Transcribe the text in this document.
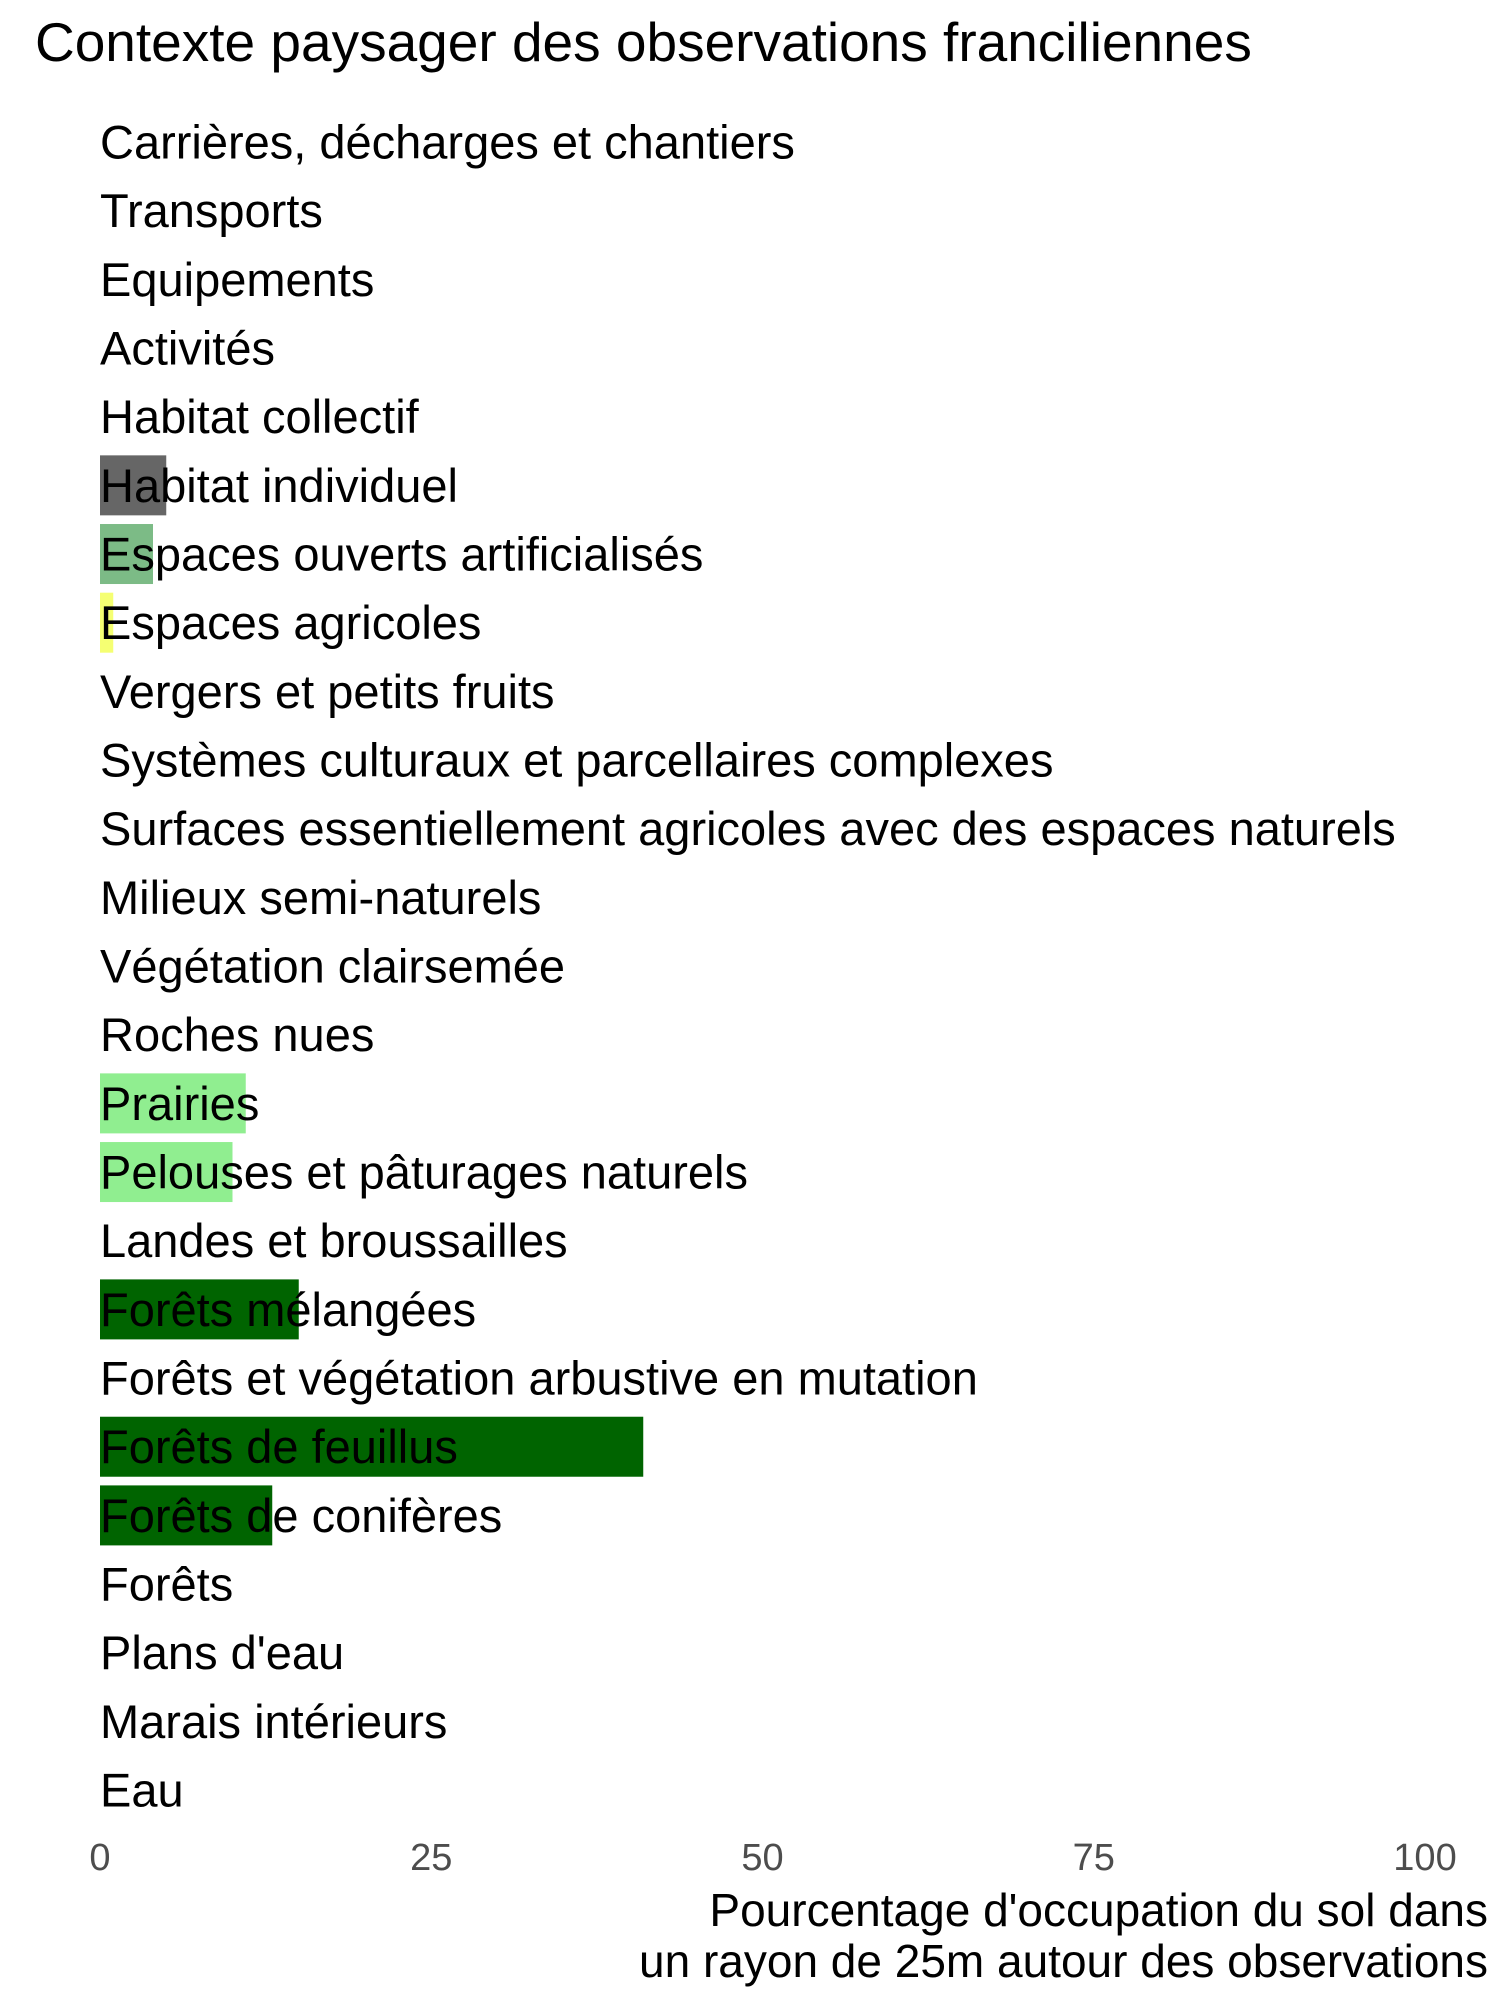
Contexte paysager des observations franciliennes
Carrières, décharges et chantiers
Transports
Equipements
Activités
Habitat collectif
Habitat individuel
Espaces ouverts artificialisés
Espaces agricoles
Vergers et petits fruits
Systèmes culturaux et parcellaires complexes
Surfaces essentiellement agricoles avec des espaces naturels
Milieux semi-naturels
Végétation clairsemée
Roches nues
Prairies
Pelouses et pâturages naturels
Landes et broussailles
Forêts mélangées
Forêts et végétation arbustive en mutation
Forêts de feuillus
Forêts de conifères
Forêts
Plans d'eau
Marais intérieurs
Eau
0	25	50	75	100
Pourcentage d'occupation du sol dans
un rayon de 25m autour des observations
